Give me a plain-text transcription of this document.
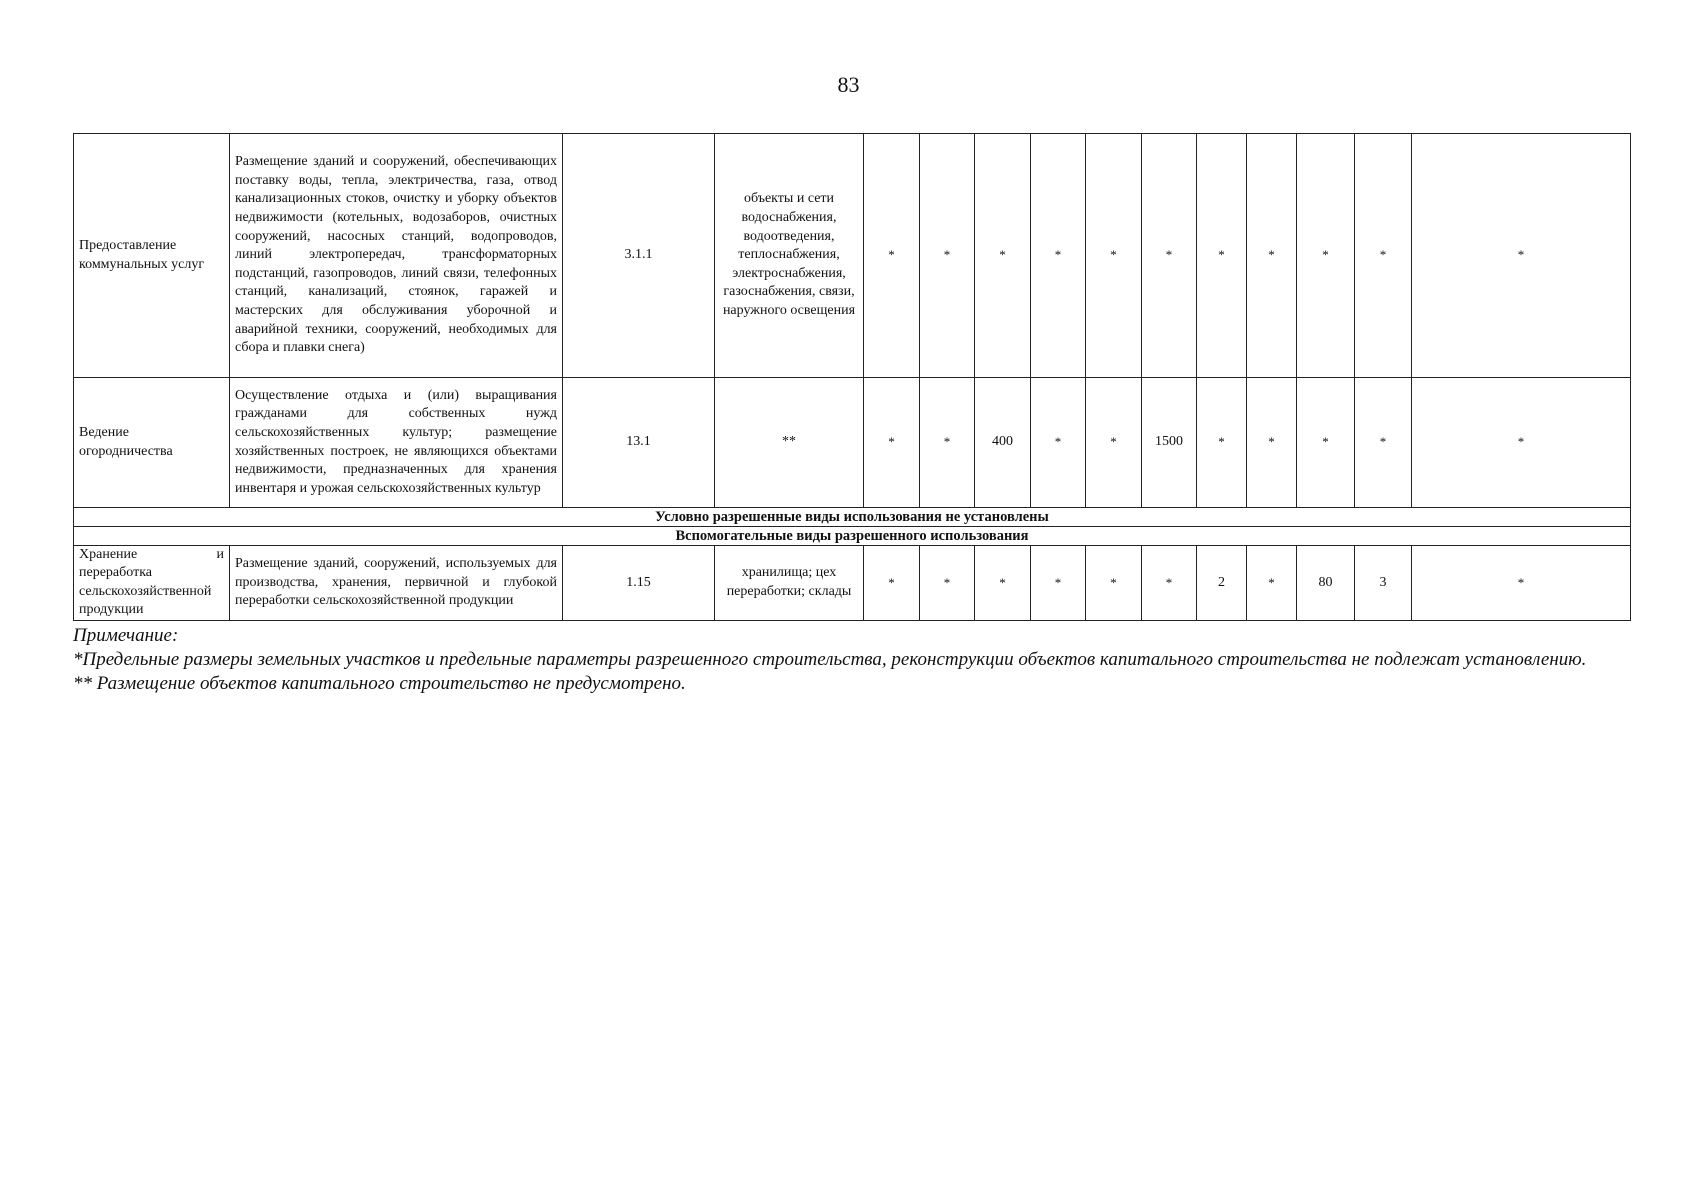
83
Предоставление коммунальных услуг	Размещение зданий и сооружений, обеспечивающих поставку воды, тепла, электричества, газа, отвод канализационных стоков, очистку и уборку объектов недвижимости (котельных, водозаборов, очистных сооружений, насосных станций, водопроводов, линий электропередач, трансформаторных подстанций, газопроводов, линий связи, телефонных станций, канализаций, стоянок, гаражей и мастерских для обслуживания уборочной и аварийной техники, сооружений, необходимых для сбора и плавки снега)	3.1.1	объекты и сети водоснабжения, водоотведения, теплоснабжения, электроснабжения, газоснабжения, связи, наружного освещения	*	*	*	*	*	*	*	*	*	*	*
Ведение огородничества	Осуществление отдыха и (или) выращивания гражданами для собственных нужд сельскохозяйственных культур; размещение хозяйственных построек, не являющихся объектами недвижимости, предназначенных для хранения инвентаря и урожая сельскохозяйственных культур	13.1	**	*	*	400	*	*	1500	*	*	*	*	*
Условно разрешенные виды использования не установлены														
Вспомогательные виды разрешенного использования														
Хранение и переработка сельскохозяйственной продукции	Размещение зданий, сооружений, используемых для производства, хранения, первичной и глубокой переработки сельскохозяйственной продукции	1.15	хранилища; цех переработки; склады	*	*	*	*	*	*	2	*	80	3	*

Примечание:

*Предельные размеры земельных участков и предельные параметры разрешенного строительства, реконструкции объектов капитального строительства не подлежат установлению.

** Размещение объектов капитального строительство не предусмотрено.
